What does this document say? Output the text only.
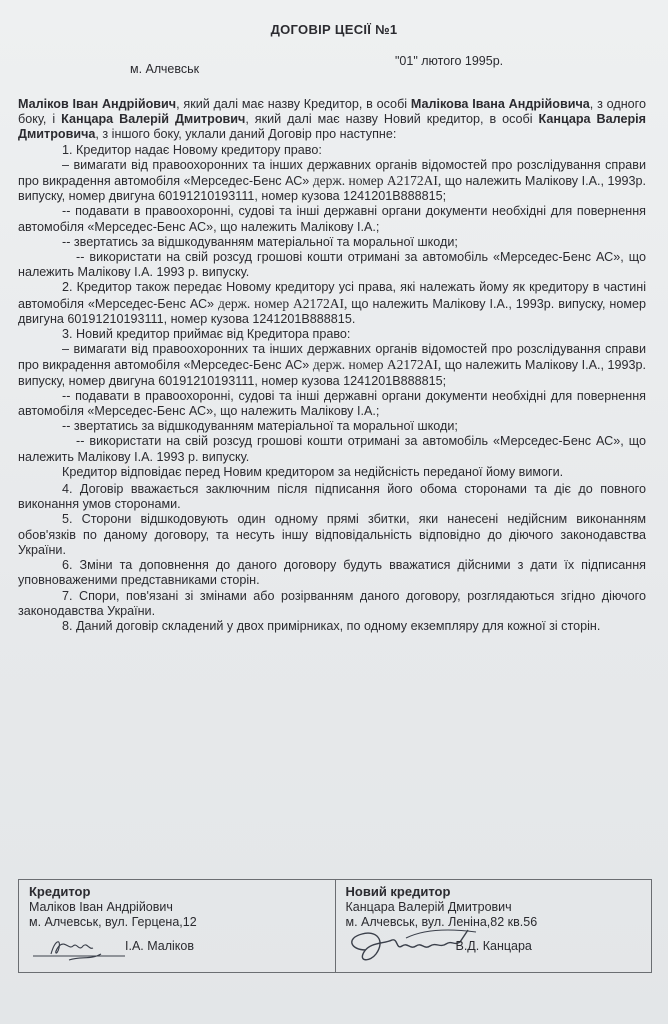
ДОГОВІР ЦЕСІЇ №1
м. Алчевськ
"01" лютого 1995р.

Маліков Іван Андрійович, який далі має назву Кредитор, в особі Малікова Івана Андрійовича, з одного боку, і Канцара Валерій Дмитрович, який далі має назву Новий кредитор, в особі Канцара Валерія Дмитровича, з іншого боку, уклали даний Договір про наступне:

1. Кредитор надає Новому кредитору право:

– вимагати від правоохоронних та інших державних органів відомостей про розслідування справи про викрадення автомобіля «Мерседес-Бенс АС» держ. номер А2172АІ, що належить Малікову І.А., 1993р. випуску, номер двигуна 60191210193111, номер кузова 1241201В888815;

-- подавати в правоохоронні, судові та інші державні органи документи необхідні для повернення автомобіля «Мерседес-Бенс АС», що належить Малікову І.А.;

-- звертатись за відшкодуванням матеріальної та моральної шкоди;

-- використати на свій розсуд грошові кошти отримані за автомобіль «Мерседес-Бенс АС», що належить Малікову І.А. 1993 р. випуску.

2. Кредитор також передає Новому кредитору усі права, які належать йому як кредитору в частині автомобіля «Мерседес-Бенс АС» держ. номер А2172АІ, що належить Малікову І.А., 1993р. випуску, номер двигуна 60191210193111, номер кузова 1241201В888815.

3. Новий кредитор приймає від Кредитора право:

– вимагати від правоохоронних та інших державних органів відомостей про розслідування справи про викрадення автомобіля «Мерседес-Бенс АС» держ. номер А2172АІ, що належить Малікову І.А., 1993р. випуску, номер двигуна 60191210193111, номер кузова 1241201В888815;

-- подавати в правоохоронні, судові та інші державні органи документи необхідні для повернення автомобіля «Мерседес-Бенс АС», що належить Малікову І.А.;

-- звертатись за відшкодуванням матеріальної та моральної шкоди;

-- використати на свій розсуд грошові кошти отримані за автомобіль «Мерседес-Бенс АС», що належить Малікову І.А. 1993 р. випуску.

Кредитор відповідає перед Новим кредитором за недійсність переданої йому вимоги.

4. Договір вважається заключним після підписання його обома сторонами та діє до повного виконання умов сторонами.

5. Сторони відшкодовують один одному прямі збитки, яки нанесені недійсним виконанням обов'язків по даному договору, та несуть іншу відповідальність відповідно до діючого законодавства України.

6. Зміни та доповнення до даного договору будуть вважатися дійсними з дати їх підписання уповноваженими представниками сторін.

7. Спори, пов'язані зі змінами або розірванням даного договору, розглядаються згідно діючого законодавства України.

8. Даний договір складений у двох примірниках, по одному екземпляру для кожної зі сторін.

Кредитор
Маліков Іван Андрійович
м. Алчевськ, вул. Герцена,12
І.А. Маліков
Новий кредитор
Канцара Валерій Дмитрович
м. Алчевськ, вул. Леніна,82 кв.56
В.Д. Канцара
